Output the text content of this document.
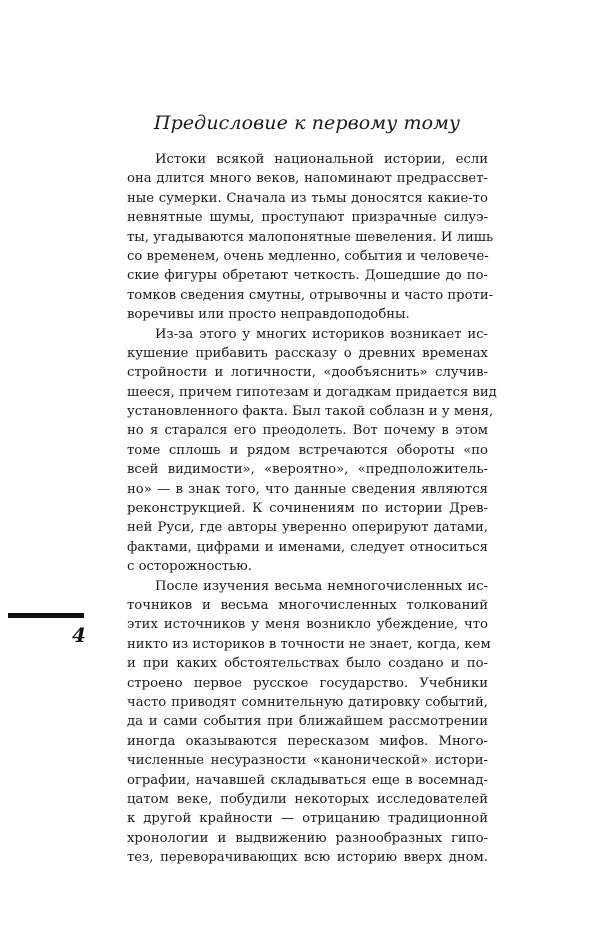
Предисловие к первому тому

Истоки всякой национальной истории, если
она длится много веков, напоминают предрассвет-
ные сумерки. Сначала из тьмы доносятся какие-то
невнятные шумы, проступают призрачные силуэ-
ты, угадываются малопонятные шевеления. И лишь
со временем, очень медленно, события и человече-
ские фигуры обретают четкость. Дошедшие до по-
томков сведения смутны, отрывочны и часто проти-
воречивы или просто неправдоподобны.

Из-за этого у многих историков возникает ис-
кушение прибавить рассказу о древних временах
стройности и логичности, «дообъяснить» случив-
шееся, причем гипотезам и догадкам придается вид
установленного факта. Был такой соблазн и у меня,
но я старался его преодолеть. Вот почему в этом
томе сплошь и рядом встречаются обороты «по
всей видимости», «вероятно», «предположитель-
но» — в знак того, что данные сведения являются
реконструкцией. К сочинениям по истории Древ-
ней Руси, где авторы уверенно оперируют датами,
фактами, цифрами и именами, следует относиться
с осторожностью.

После изучения весьма немногочисленных ис-
точников и весьма многочисленных толкований
этих источников у меня возникло убеждение, что
никто из историков в точности не знает, когда, кем
и при каких обстоятельствах было создано и по-
строено первое русское государство. Учебники
часто приводят сомнительную датировку событий,
да и сами события при ближайшем рассмотрении
иногда оказываются пересказом мифов. Много-
численные несуразности «канонической» истори-
ографии, начавшей складываться еще в восемнад-
цатом веке, побудили некоторых исследователей
к другой крайности — отрицанию традиционной
хронологии и выдвижению разнообразных гипо-
тез, переворачивающих всю историю вверх дном.

4
